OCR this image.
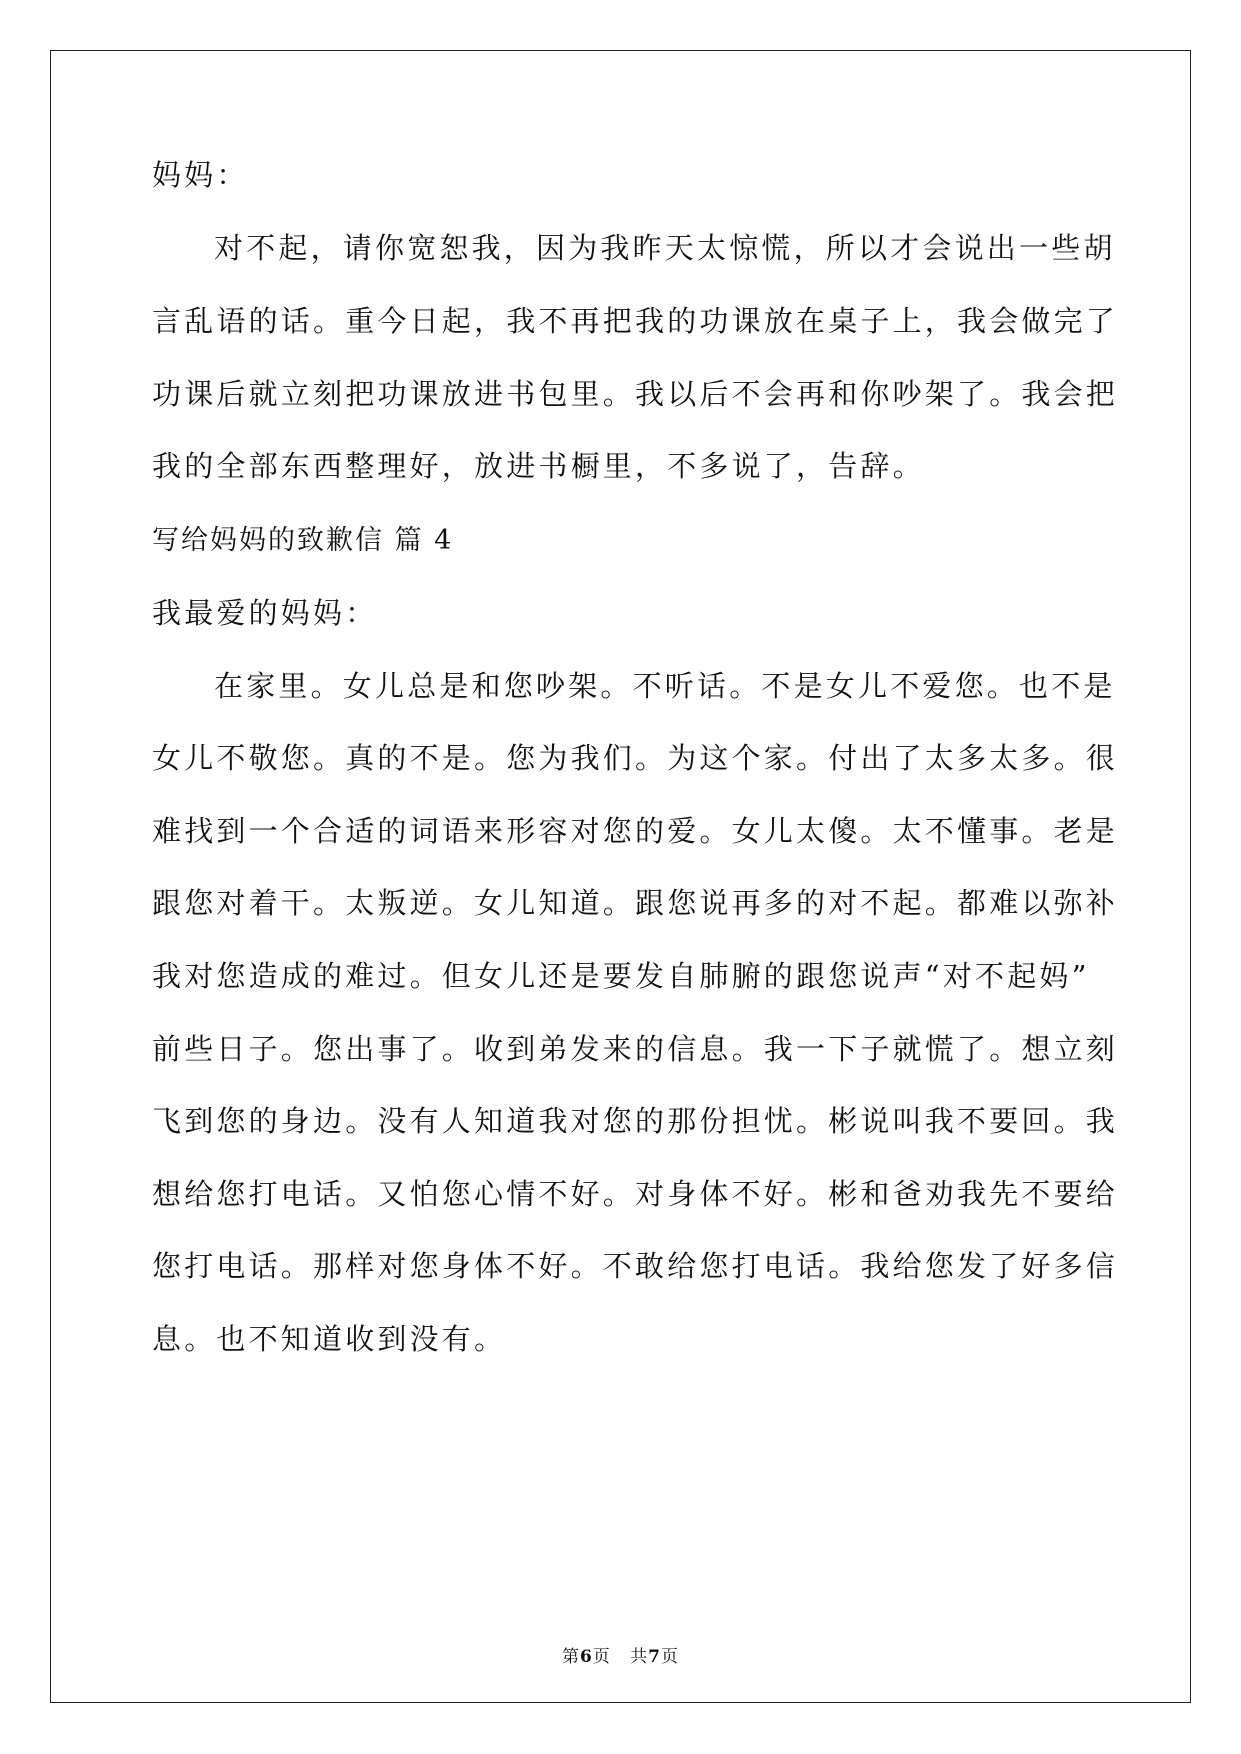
妈妈：
对不起，请你宽恕我，因为我昨天太惊慌，所以才会说出一些胡
言乱语的话。重今日起，我不再把我的功课放在桌子上，我会做完了
功课后就立刻把功课放进书包里。我以后不会再和你吵架了。我会把
我的全部东西整理好，放进书橱里，不多说了，告辞。
写给妈妈的致歉信 篇 4
我最爱的妈妈：
在家里。女儿总是和您吵架。不听话。不是女儿不爱您。也不是
女儿不敬您。真的不是。您为我们。为这个家。付出了太多太多。很
难找到一个合适的词语来形容对您的爱。女儿太傻。太不懂事。老是
跟您对着干。太叛逆。女儿知道。跟您说再多的对不起。都难以弥补
我对您造成的难过。但女儿还是要发自肺腑的跟您说声“对不起妈”
前些日子。您出事了。收到弟发来的信息。我一下子就慌了。想立刻
飞到您的身边。没有人知道我对您的那份担忧。彬说叫我不要回。我
想给您打电话。又怕您心情不好。对身体不好。彬和爸劝我先不要给
您打电话。那样对您身体不好。不敢给您打电话。我给您发了好多信
息。也不知道收到没有。
第6页 共7页
